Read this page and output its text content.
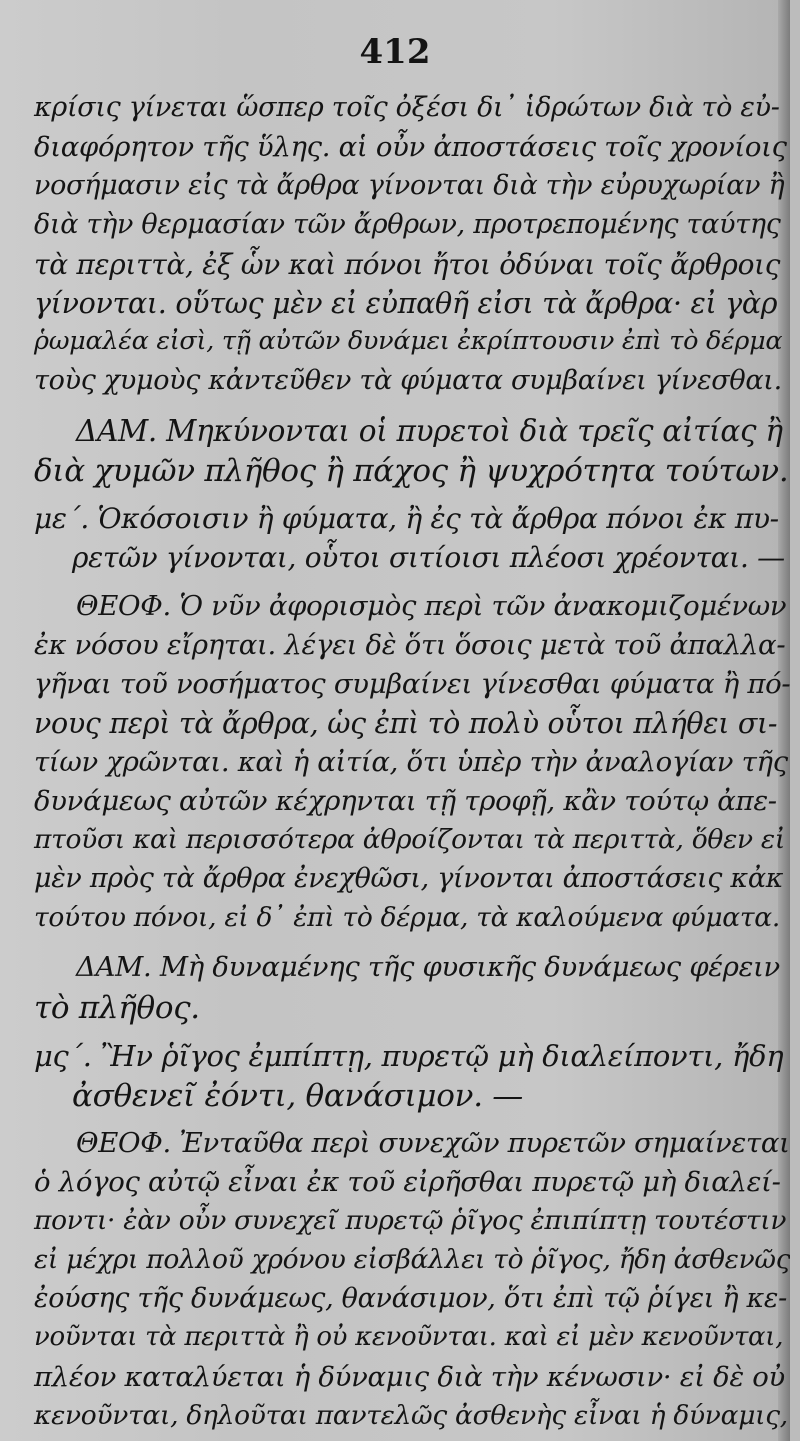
412
κρίσις γίνεται ὥσπερ τοῖς ὀξέσι δι᾽ ἱδρώτων διὰ τὸ εὐ-
διαφόρητον τῆς ὕλης. αἱ οὖν ἀποστάσεις τοῖς χρονίοις
νοσήμασιν εἰς τὰ ἄρθρα γίνονται διὰ τὴν εὐρυχωρίαν ἢ
διὰ τὴν θερμασίαν τῶν ἄρθρων, προτρεπομένης ταύτης
τὰ περιττὰ, ἐξ ὧν καὶ πόνοι ἤτοι ὀδύναι τοῖς ἄρθροις
γίνονται. οὕτως μὲν εἰ εὐπαθῆ εἰσι τὰ ἄρθρα· εἰ γὰρ
ῥωμαλέα εἰσὶ, τῇ αὐτῶν δυνάμει ἐκρίπτουσιν ἐπὶ τὸ δέρμα
τοὺς χυμοὺς κἀντεῦθεν τὰ φύματα συμβαίνει γίνεσθαι.
ΔΑΜ. Μηκύνονται οἱ πυρετοὶ διὰ τρεῖς αἰτίας ἢ
διὰ χυμῶν πλῆθος ἢ πάχος ἢ ψυχρότητα τούτων.
με΄. Ὁκόσοισιν ἢ φύματα, ἢ ἐς τὰ ἄρθρα πόνοι ἐκ πυ-
ρετῶν γίνονται, οὗτοι σιτίοισι πλέοσι χρέονται. —
ΘΕΟΦ. Ὁ νῦν ἀφορισμὸς περὶ τῶν ἀνακομιζομένων
ἐκ νόσου εἴρηται. λέγει δὲ ὅτι ὅσοις μετὰ τοῦ ἀπαλλα-
γῆναι τοῦ νοσήματος συμβαίνει γίνεσθαι φύματα ἢ πό-
νους περὶ τὰ ἄρθρα, ὡς ἐπὶ τὸ πολὺ οὗτοι πλήθει σι-
τίων χρῶνται. καὶ ἡ αἰτία, ὅτι ὑπὲρ τὴν ἀναλογίαν τῆς
δυνάμεως αὐτῶν κέχρηνται τῇ τροφῇ, κἂν τούτῳ ἀπε-
πτοῦσι καὶ περισσότερα ἀθροίζονται τὰ περιττὰ, ὅθεν εἰ
μὲν πρὸς τὰ ἄρθρα ἐνεχθῶσι, γίνονται ἀποστάσεις κἀκ
τούτου πόνοι, εἰ δ᾽ ἐπὶ τὸ δέρμα, τὰ καλούμενα φύματα.
ΔΑΜ. Μὴ δυναμένης τῆς φυσικῆς δυνάμεως φέρειν
τὸ πλῆθος.
μς΄. Ἢν ῥῖγος ἐμπίπτῃ, πυρετῷ μὴ διαλείποντι, ἤδη
ἀσθενεῖ ἐόντι, θανάσιμον. —
ΘΕΟΦ. Ἐνταῦθα περὶ συνεχῶν πυρετῶν σημαίνεται
ὁ λόγος αὐτῷ εἶναι ἐκ τοῦ εἰρῆσθαι πυρετῷ μὴ διαλεί-
ποντι· ἐὰν οὖν συνεχεῖ πυρετῷ ῥῖγος ἐπιπίπτῃ τουτέστιν
εἰ μέχρι πολλοῦ χρόνου εἰσβάλλει τὸ ῥῖγος, ἤδη ἀσθενῶς
ἐούσης τῆς δυνάμεως, θανάσιμον, ὅτι ἐπὶ τῷ ῥίγει ἢ κε-
νοῦνται τὰ περιττὰ ἢ οὐ κενοῦνται. καὶ εἰ μὲν κενοῦνται,
πλέον καταλύεται ἡ δύναμις διὰ τὴν κένωσιν· εἰ δὲ οὐ
κενοῦνται, δηλοῦται παντελῶς ἀσθενὴς εἶναι ἡ δύναμις,
